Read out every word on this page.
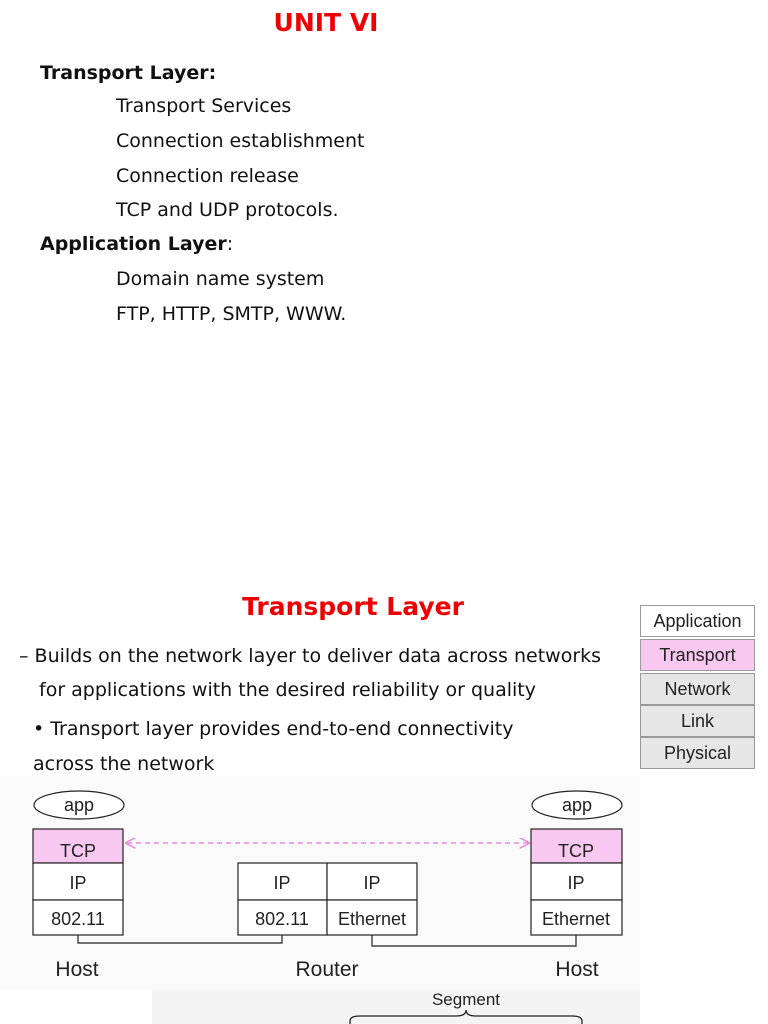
UNIT VI
Transport Layer:
Transport Services
Connection establishment
Connection release
TCP and UDP protocols.
Application Layer:
Domain name system
FTP, HTTP, SMTP, WWW.
Transport Layer
– Builds on the network layer to deliver data across networks
for applications with the desired reliability or quality
• Transport layer provides end-to-end connectivity
across the network
Application
Transport
Network
Link
Physical
app
TCP
IP
802.11
Host
IP	IP
802.11 Ethernet
Router
app
TCP
IP
Ethernet
Host
Segment
